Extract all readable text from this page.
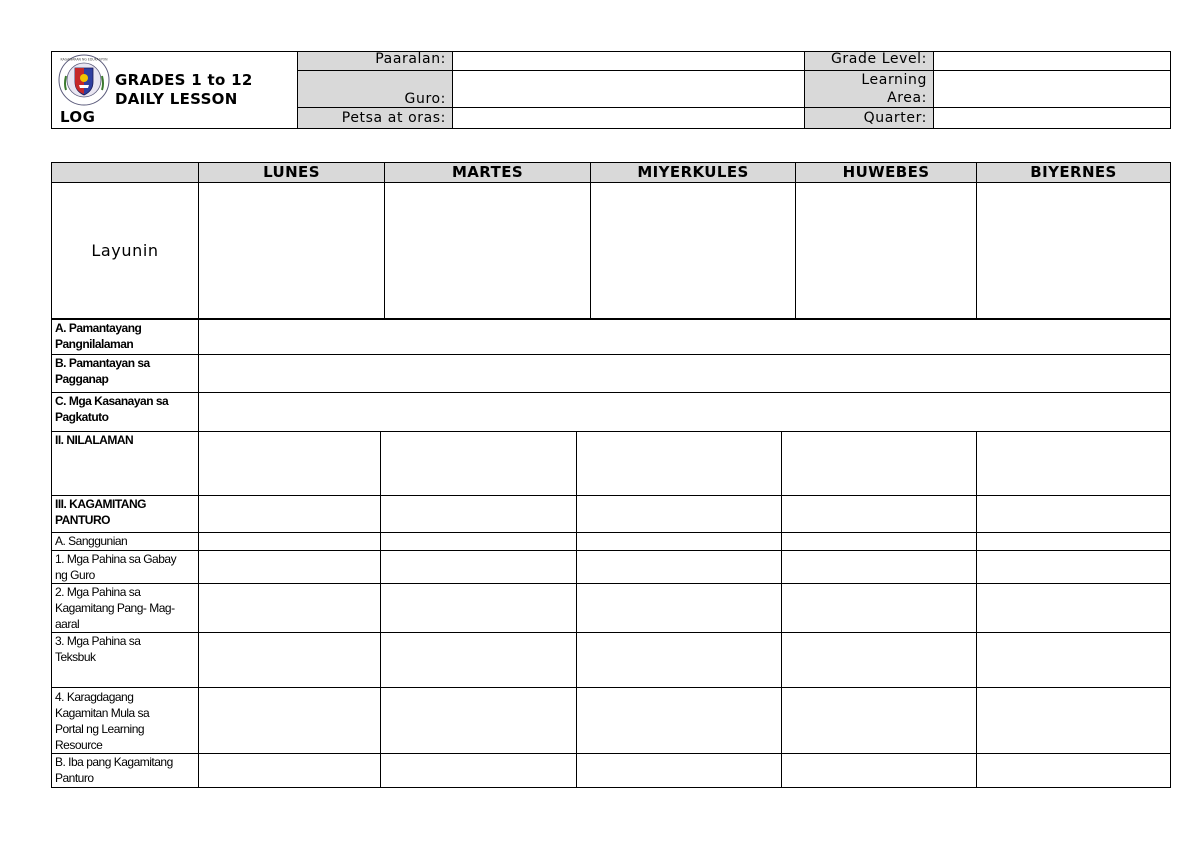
KAGAWARAN NG EDUKASYON
GRADES 1 to 12
DAILY LESSON
LOG	Paaralan:		Grade Level:	
	Guro:		Learning
Area:	

	Petsa at oras:		Quarter:	
	LUNES		MARTES		MIYERKULES		HUWEBES	BIYERNES
Layunin								

A. Pamantayang
Pangnilalaman								

B. Pamantayan sa
Pagganap								

C. Mga Kasanayan sa
Pagkatuto								

II. NILALAMAN								

III. KAGAMITANG
PANTURO								

A. Sanggunian								

1. Mga Pahina sa Gabay
ng Guro								

2. Mga Pahina sa
Kagamitang Pang- Mag-
aaral								

3. Mga Pahina sa
Teksbuk								

4. Karagdagang
Kagamitan Mula sa
Portal ng Learning
Resource								

B. Iba pang Kagamitang
Panturo								
